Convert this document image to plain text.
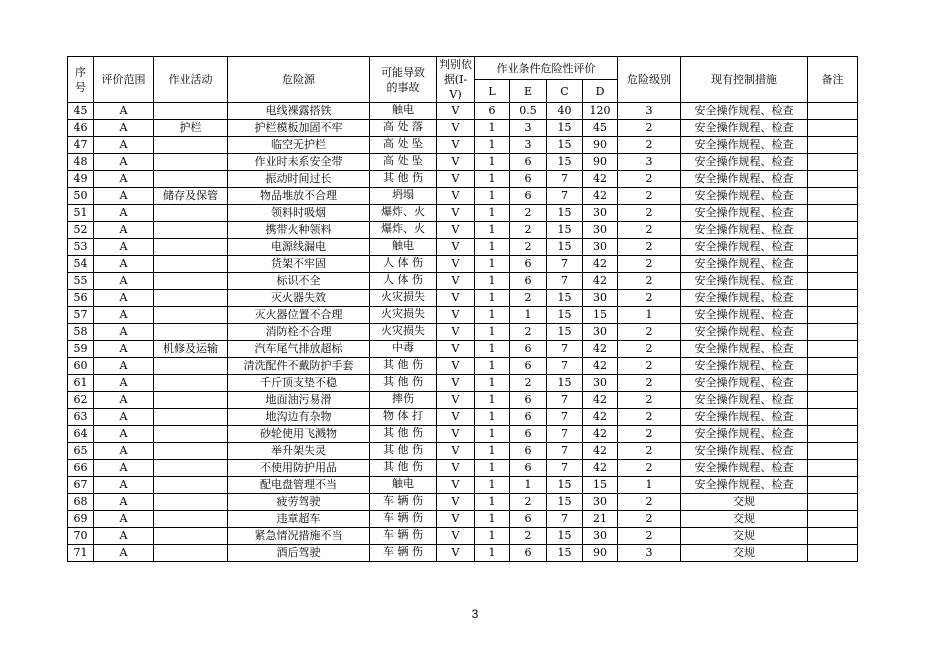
序号	评价范围	作业活动	危险源	可能导致的事故	判别依据(I-V)	作业条件危险性评价				危险级别	现有控制措施	备注
						L	E	C	D			
45	A		电线裸露搭铁	触电	V	6	0.5	40	120	3	安全操作规程、检查	
46	A	护栏	护栏模板加固不牢	高 处 落	V	1	3	15	45	2	安全操作规程、检查	
47	A		临空无护栏	高 处 坠	V	1	3	15	90	2	安全操作规程、检查	
48	A		作业时未系安全带	高 处 坠	V	1	6	15	90	3	安全操作规程、检查	
49	A		振动时间过长	其 他 伤	V	1	6	7	42	2	安全操作规程、检查	
50	A	储存及保管	物品堆放不合理	坍塌	V	1	6	7	42	2	安全操作规程、检查	
51	A		领料时吸烟	爆炸、火	V	1	2	15	30	2	安全操作规程、检查	
52	A		携带火种领料	爆炸、火	V	1	2	15	30	2	安全操作规程、检查	
53	A		电源线漏电	触电	V	1	2	15	30	2	安全操作规程、检查	
54	A		货架不牢固	人 体 伤	V	1	6	7	42	2	安全操作规程、检查	
55	A		标识不全	人 体 伤	V	1	6	7	42	2	安全操作规程、检查	
56	A		灭火器失效	火灾损失	V	1	2	15	30	2	安全操作规程、检查	
57	A		灭火器位置不合理	火灾损失	V	1	1	15	15	1	安全操作规程、检查	
58	A		消防栓不合理	火灾损失	V	1	2	15	30	2	安全操作规程、检查	
59	A	机修及运输	汽车尾气排放超标	中毒	V	1	6	7	42	2	安全操作规程、检查	
60	A		清洗配件不戴防护手套	其 他 伤	V	1	6	7	42	2	安全操作规程、检查	
61	A		千斤顶支垫不稳	其 他 伤	V	1	2	15	30	2	安全操作规程、检查	
62	A		地面油污易滑	摔伤	V	1	6	7	42	2	安全操作规程、检查	
63	A		地沟边有杂物	物 体 打	V	1	6	7	42	2	安全操作规程、检查	
64	A		砂轮使用飞溅物	其 他 伤	V	1	6	7	42	2	安全操作规程、检查	
65	A		举升架失灵	其 他 伤	V	1	6	7	42	2	安全操作规程、检查	
66	A		不使用防护用品	其 他 伤	V	1	6	7	42	2	安全操作规程、检查	
67	A		配电盘管理不当	触电	V	1	1	15	15	1	安全操作规程、检查	
68	A		疲劳驾驶	车 辆 伤	V	1	2	15	30	2	交规	
69	A		违章超车	车 辆 伤	V	1	6	7	21	2	交规	
70	A		紧急情况措施不当	车 辆 伤	V	1	2	15	30	2	交规	
71	A		酒后驾驶	车 辆 伤	V	1	6	15	90	3	交规	
3
